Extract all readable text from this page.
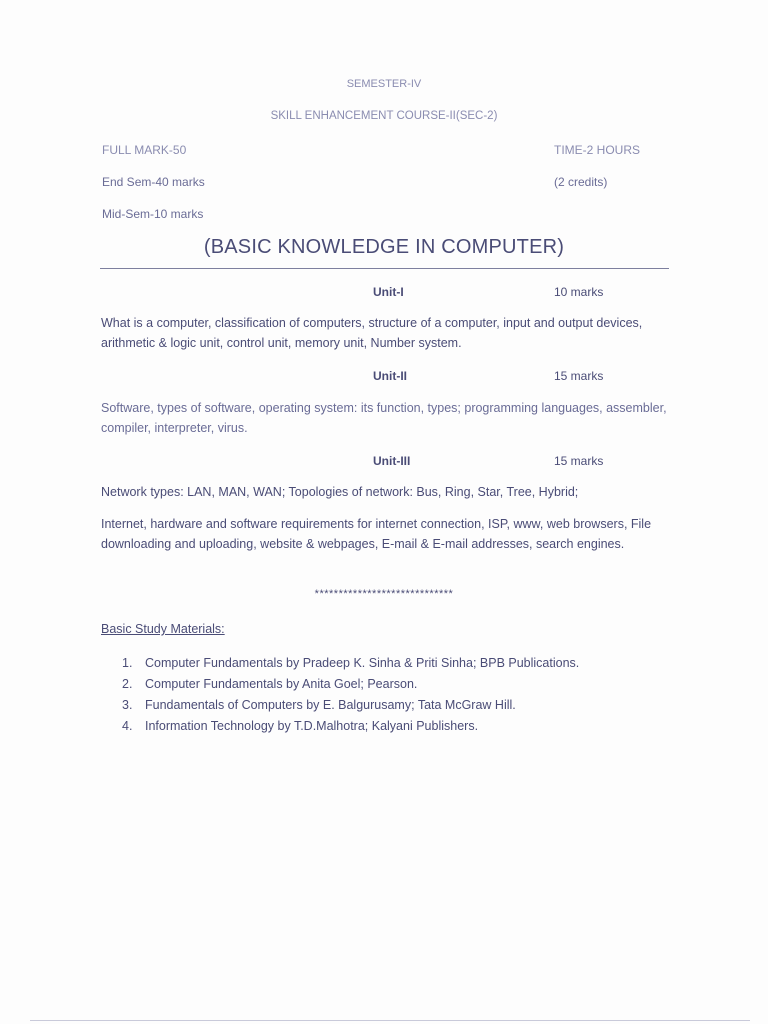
SEMESTER-IV
SKILL ENHANCEMENT COURSE-II(SEC-2)
FULL MARK-50	TIME-2 HOURS
End Sem-40 marks	(2 credits)
Mid-Sem-10 marks
(BASIC KNOWLEDGE IN COMPUTER)
Unit-I	10 marks
What is a computer, classification of computers, structure of a computer, input and output devices, arithmetic & logic unit, control unit, memory unit, Number system.
Unit-II	15 marks
Software, types of software, operating system: its function, types; programming languages, assembler, compiler, interpreter, virus.
Unit-III	15 marks
Network types: LAN, MAN, WAN; Topologies of network: Bus, Ring, Star, Tree, Hybrid;
Internet, hardware and software requirements for internet connection, ISP, www, web browsers, File downloading and uploading, website & webpages, E-mail & E-mail addresses, search engines.
*****************************
Basic Study Materials:
1. Computer Fundamentals by Pradeep K. Sinha & Priti Sinha; BPB Publications.
2. Computer Fundamentals by Anita Goel; Pearson.
3. Fundamentals of Computers by E. Balgurusamy; Tata McGraw Hill.
4. Information Technology by T.D.Malhotra; Kalyani Publishers.
